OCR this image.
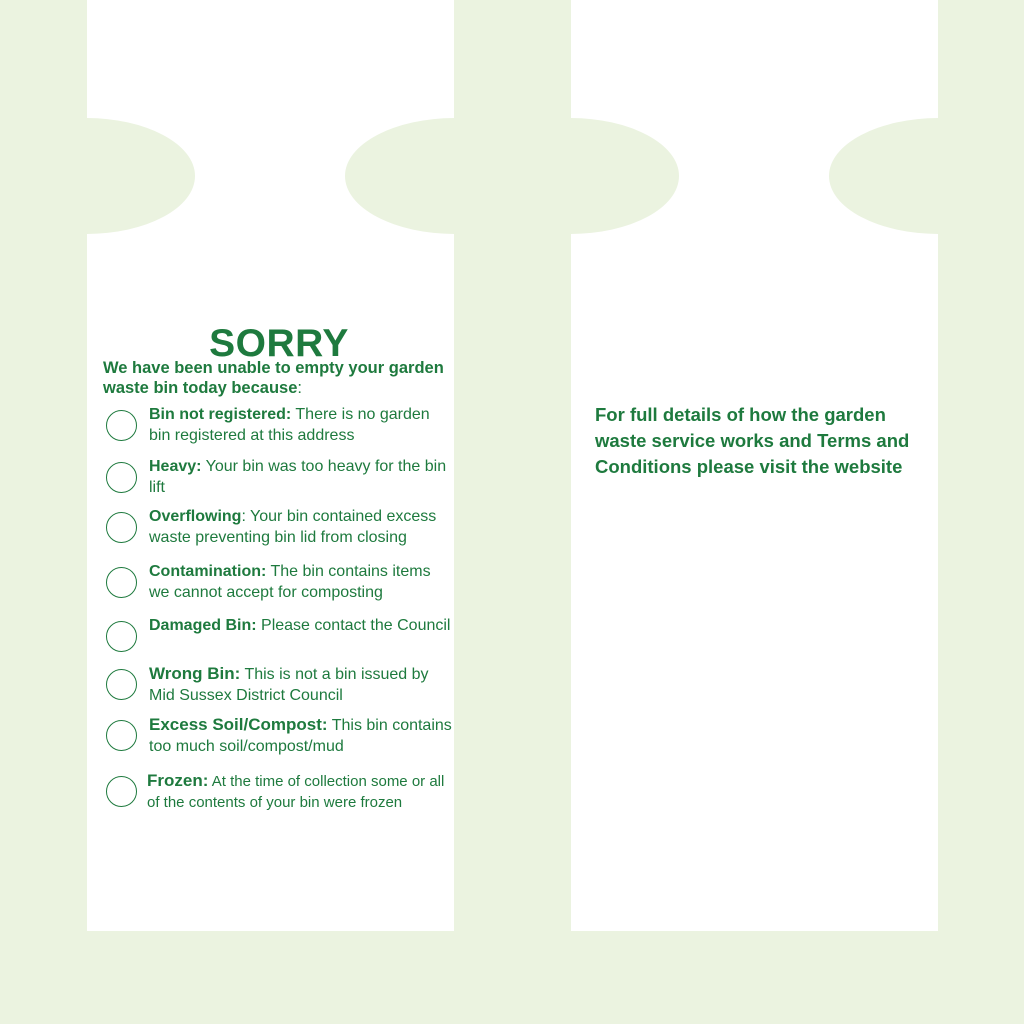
SORRY

We have been unable to empty your garden waste bin today because:

Bin not registered: There is no garden bin registered at this address

Heavy: Your bin was too heavy for the bin lift

Overflowing: Your bin contained excess waste preventing bin lid from closing

Contamination: The bin contains items we cannot accept for composting

Damaged Bin: Please contact the Council

Wrong Bin: This is not a bin issued by Mid Sussex District Council

Excess Soil/Compost: This bin contains too much soil/compost/mud

Frozen: At the time of collection some or all of the contents of your bin were frozen

For full details of how the garden waste service works and Terms and Conditions please visit the website
